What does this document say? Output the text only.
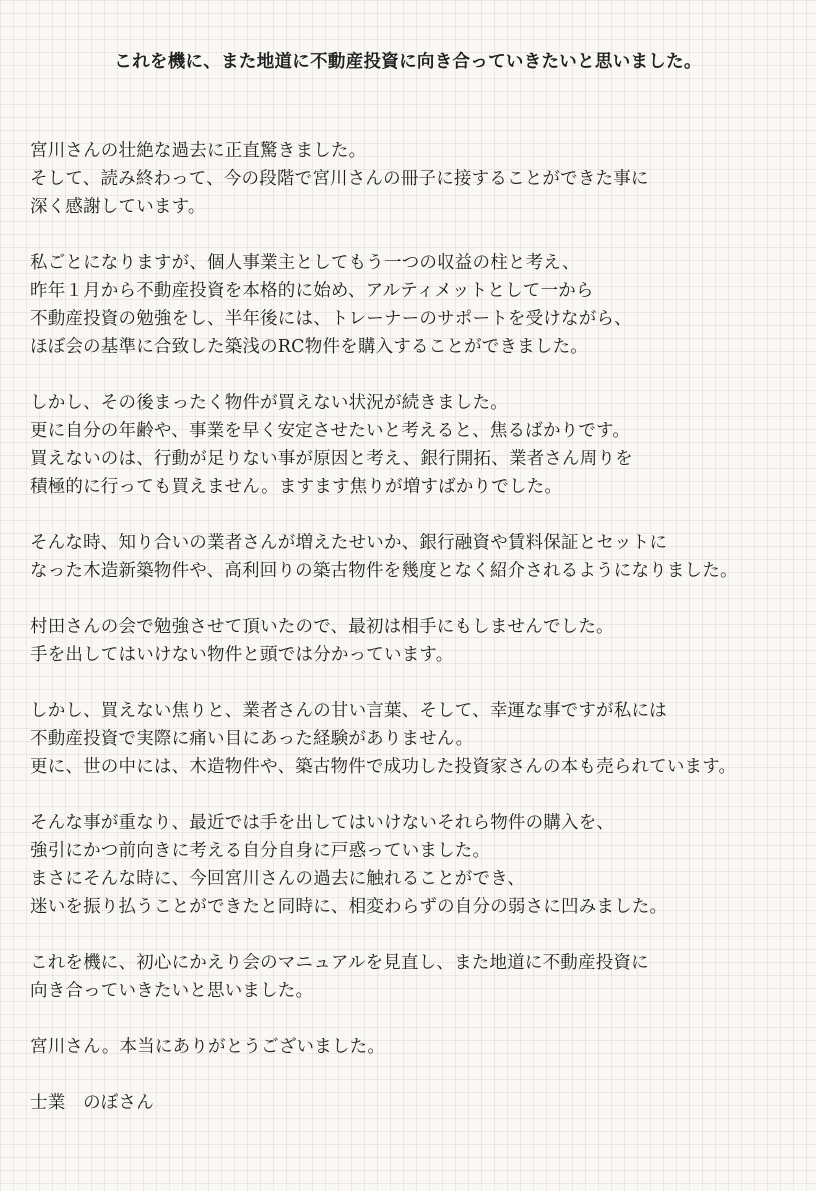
これを機に、また地道に不動産投資に向き合っていきたいと思いました。
宮川さんの壮絶な過去に正直驚きました。
そして、読み終わって、今の段階で宮川さんの冊子に接することができた事に
深く感謝しています。
私ごとになりますが、個人事業主としてもう一つの収益の柱と考え、
昨年１月から不動産投資を本格的に始め、アルティメットとして一から
不動産投資の勉強をし、半年後には、トレーナーのサポートを受けながら、
ほぼ会の基準に合致した築浅のRC物件を購入することができました。
しかし、その後まったく物件が買えない状況が続きました。
更に自分の年齢や、事業を早く安定させたいと考えると、焦るばかりです。
買えないのは、行動が足りない事が原因と考え、銀行開拓、業者さん周りを
積極的に行っても買えません。ますます焦りが増すばかりでした。
そんな時、知り合いの業者さんが増えたせいか、銀行融資や賃料保証とセットに
なった木造新築物件や、高利回りの築古物件を幾度となく紹介されるようになりました。
村田さんの会で勉強させて頂いたので、最初は相手にもしませんでした。
手を出してはいけない物件と頭では分かっています。
しかし、買えない焦りと、業者さんの甘い言葉、そして、幸運な事ですが私には
不動産投資で実際に痛い目にあった経験がありません。
更に、世の中には、木造物件や、築古物件で成功した投資家さんの本も売られています。
そんな事が重なり、最近では手を出してはいけないそれら物件の購入を、
強引にかつ前向きに考える自分自身に戸惑っていました。
まさにそんな時に、今回宮川さんの過去に触れることができ、
迷いを振り払うことができたと同時に、相変わらずの自分の弱さに凹みました。
これを機に、初心にかえり会のマニュアルを見直し、また地道に不動産投資に
向き合っていきたいと思いました。
宮川さん。本当にありがとうございました。
士業　のぼさん
